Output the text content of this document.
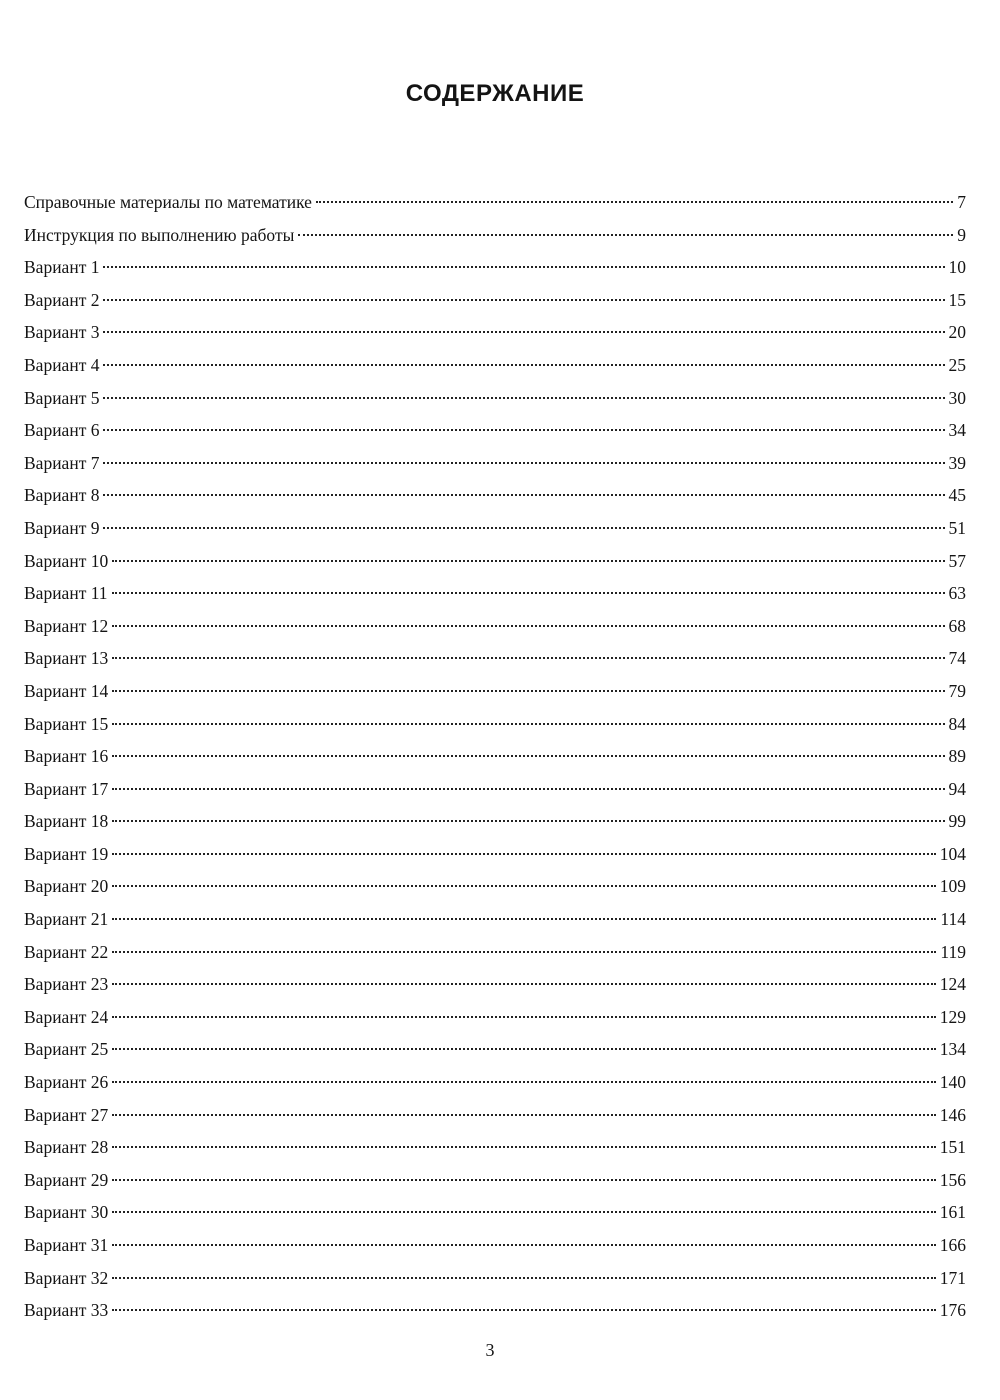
СОДЕРЖАНИЕ
Справочные материалы по математике	7
Инструкция по выполнению работы	9
Вариант 1	10
Вариант 2	15
Вариант 3	20
Вариант 4	25
Вариант 5	30
Вариант 6	34
Вариант 7	39
Вариант 8	45
Вариант 9	51
Вариант 10	57
Вариант 11	63
Вариант 12	68
Вариант 13	74
Вариант 14	79
Вариант 15	84
Вариант 16	89
Вариант 17	94
Вариант 18	99
Вариант 19	104
Вариант 20	109
Вариант 21	114
Вариант 22	119
Вариант 23	124
Вариант 24	129
Вариант 25	134
Вариант 26	140
Вариант 27	146
Вариант 28	151
Вариант 29	156
Вариант 30	161
Вариант 31	166
Вариант 32	171
Вариант 33	176
3
